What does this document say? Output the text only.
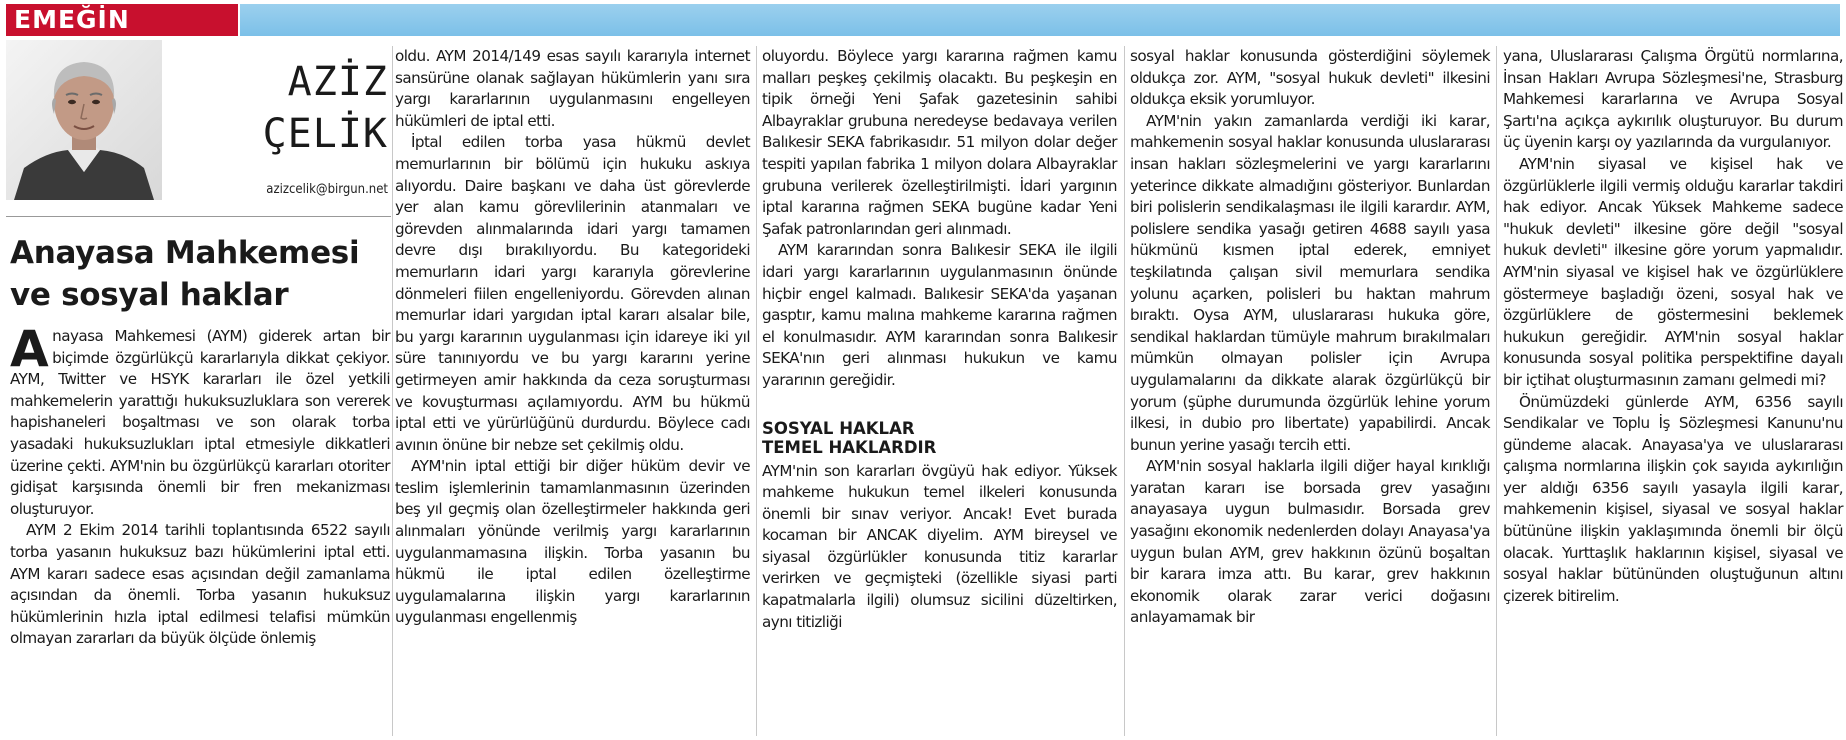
EMEĞİN
AZİZ
ÇELİK
azizcelik@birgun.net
Anayasa Mahkemesi
ve sosyal haklar

Anayasa Mahkemesi (AYM) giderek artan bir biçimde özgürlükçü kararlarıyla dikkat çekiyor. AYM, Twitter ve HSYK kararları ile özel yetkili mahkemelerin yarattığı hukuksuzluklara son vererek hapishaneleri boşaltması ve son olarak torba yasadaki hukuksuzlukları iptal etmesiyle dikkatleri üzerine çekti. AYM'nin bu özgürlükçü kararları otoriter gidişat karşısında önemli bir fren mekanizması oluşturuyor.

AYM 2 Ekim 2014 tarihli toplantısında 6522 sayılı torba yasanın hukuksuz bazı hükümlerini iptal etti. AYM kararı sadece esas açısından değil zamanlama açısından da önemli. Torba yasanın hukuksuz hükümlerinin hızla iptal edilmesi telafisi mümkün olmayan zararları da büyük ölçüde önlemiş

oldu. AYM 2014/149 esas sayılı kararıyla internet sansürüne olanak sağlayan hükümlerin yanı sıra yargı kararlarının uygulanmasını engelleyen hükümleri de iptal etti.

İptal edilen torba yasa hükmü devlet memurlarının bir bölümü için hukuku askıya alıyordu. Daire başkanı ve daha üst görevlerde yer alan kamu görevlilerinin atanmaları ve görevden alınmalarında idari yargı tamamen devre dışı bırakılıyordu. Bu kategorideki memurların idari yargı kararıyla görevlerine dönmeleri fiilen engelleniyordu. Görevden alınan memurlar idari yargıdan iptal kararı alsalar bile, bu yargı kararının uygulanması için idareye iki yıl süre tanınıyordu ve bu yargı kararını yerine getirmeyen amir hakkında da ceza soruşturması ve kovuşturması açılamıyordu. AYM bu hükmü iptal etti ve yürürlüğünü durdurdu. Böylece cadı avının önüne bir nebze set çekilmiş oldu.

AYM'nin iptal ettiği bir diğer hüküm devir ve teslim işlemlerinin tamamlanmasının üzerinden beş yıl geçmiş olan özelleştirmeler hakkında geri alınmaları yönünde verilmiş yargı kararlarının uygulanmamasına ilişkin. Torba yasanın bu hükmü ile iptal edilen özelleştirme uygulamalarına ilişkin yargı kararlarının uygulanması engellenmiş

oluyordu. Böylece yargı kararına rağmen kamu malları peşkeş çekilmiş olacaktı. Bu peşkeşin en tipik örneği Yeni Şafak gazetesinin sahibi Albayraklar grubuna neredeyse bedavaya verilen Balıkesir SEKA fabrikasıdır. 51 milyon dolar değer tespiti yapılan fabrika 1 milyon dolara Albayraklar grubuna verilerek özelleştirilmişti. İdari yargının iptal kararına rağmen SEKA bugüne kadar Yeni Şafak patronlarından geri alınmadı.

AYM kararından sonra Balıkesir SEKA ile ilgili idari yargı kararlarının uygulanmasının önünde hiçbir engel kalmadı. Balıkesir SEKA'da yaşanan gasptır, kamu malına mahkeme kararına rağmen el konulmasıdır. AYM kararından sonra Balıkesir SEKA'nın geri alınması hukukun ve kamu yararının gereğidir.

SOSYAL HAKLAR
TEMEL HAKLARDIR

AYM'nin son kararları övgüyü hak ediyor. Yüksek mahkeme hukukun temel ilkeleri konusunda önemli bir sınav veriyor. Ancak! Evet burada kocaman bir ANCAK diyelim. AYM bireysel ve siyasal özgürlükler konusunda titiz kararlar verirken ve geçmişteki (özellikle siyasi parti kapatmalarla ilgili) olumsuz sicilini düzeltirken, aynı titizliği

sosyal haklar konusunda gösterdiğini söylemek oldukça zor. AYM, "sosyal hukuk devleti" ilkesini oldukça eksik yorumluyor.

AYM'nin yakın zamanlarda verdiği iki karar, mahkemenin sosyal haklar konusunda uluslararası insan hakları sözleşmelerini ve yargı kararlarını yeterince dikkate almadığını gösteriyor. Bunlardan biri polislerin sendikalaşması ile ilgili karardır. AYM, polislere sendika yasağı getiren 4688 sayılı yasa hükmünü kısmen iptal ederek, emniyet teşkilatında çalışan sivil memurlara sendika yolunu açarken, polisleri bu haktan mahrum bıraktı. Oysa AYM, uluslararası hukuka göre, sendikal haklardan tümüyle mahrum bırakılmaları mümkün olmayan polisler için Avrupa uygulamalarını da dikkate alarak özgürlükçü bir yorum (şüphe durumunda özgürlük lehine yorum ilkesi, in dubio pro libertate) yapabilirdi. Ancak bunun yerine yasağı tercih etti.

AYM'nin sosyal haklarla ilgili diğer hayal kırıklığı yaratan kararı ise borsada grev yasağını anayasaya uygun bulmasıdır. Borsada grev yasağını ekonomik nedenlerden dolayı Anayasa'ya uygun bulan AYM, grev hakkının özünü boşaltan bir karara imza attı. Bu karar, grev hakkının ekonomik olarak zarar verici doğasını anlayamamak bir

yana, Uluslararası Çalışma Örgütü normlarına, İnsan Hakları Avrupa Sözleşmesi'ne, Strasburg Mahkemesi kararlarına ve Avrupa Sosyal Şartı'na açıkça aykırılık oluşturuyor. Bu durum üç üyenin karşı oy yazılarında da vurgulanıyor.

AYM'nin siyasal ve kişisel hak ve özgürlüklerle ilgili vermiş olduğu kararlar takdiri hak ediyor. Ancak Yüksek Mahkeme sadece "hukuk devleti" ilkesine göre değil "sosyal hukuk devleti" ilkesine göre yorum yapmalıdır. AYM'nin siyasal ve kişisel hak ve özgürlüklere göstermeye başladığı özeni, sosyal hak ve özgürlüklere de göstermesini beklemek hukukun gereğidir. AYM'nin sosyal haklar konusunda sosyal politika perspektifine dayalı bir içtihat oluşturmasının zamanı gelmedi mi?

Önümüzdeki günlerde AYM, 6356 sayılı Sendikalar ve Toplu İş Sözleşmesi Kanunu'nu gündeme alacak. Anayasa'ya ve uluslararası çalışma normlarına ilişkin çok sayıda aykırılığın yer aldığı 6356 sayılı yasayla ilgili karar, mahkemenin kişisel, siyasal ve sosyal haklar bütününe ilişkin yaklaşımında önemli bir ölçü olacak. Yurttaşlık haklarının kişisel, siyasal ve sosyal haklar bütününden oluştuğunun altını çizerek bitirelim.
